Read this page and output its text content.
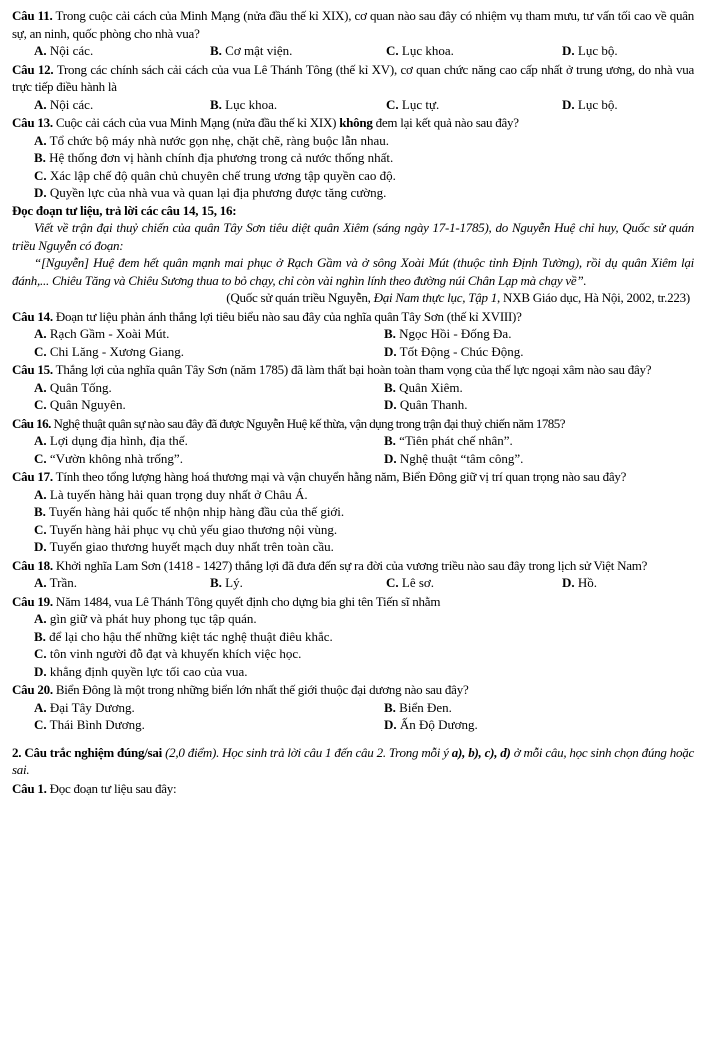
Câu 11. Trong cuộc cải cách của Minh Mạng (nửa đầu thế kỉ XIX), cơ quan nào sau đây có nhiệm vụ tham mưu, tư vấn tối cao về quân sự, an ninh, quốc phòng cho nhà vua?

A. Nội các.	B. Cơ mật viện.	C. Lục khoa.	D. Lục bộ.

Câu 12. Trong các chính sách cải cách của vua Lê Thánh Tông (thế kỉ XV), cơ quan chức năng cao cấp nhất ở trung ương, do nhà vua trực tiếp điều hành là

A. Nội các.	B. Lục khoa.	C. Lục tự.	D. Lục bộ.

Câu 13. Cuộc cải cách của vua Minh Mạng (nửa đầu thế kỉ XIX) không đem lại kết quả nào sau đây?

A. Tổ chức bộ máy nhà nước gọn nhẹ, chặt chẽ, ràng buộc lẫn nhau.
B. Hệ thống đơn vị hành chính địa phương trong cả nước thống nhất.
C. Xác lập chế độ quân chủ chuyên chế trung ương tập quyền cao độ.
D. Quyền lực của nhà vua và quan lại địa phương được tăng cường.

Đọc đoạn tư liệu, trả lời các câu 14, 15, 16:

Viết về trận đại thuỷ chiến của quân Tây Sơn tiêu diệt quân Xiêm (sáng ngày 17-1-1785), do Nguyễn Huệ chỉ huy, Quốc sử quán triều Nguyễn có đoạn:

“[Nguyễn] Huệ đem hết quân mạnh mai phục ở Rạch Gầm và ở sông Xoài Mút (thuộc tỉnh Định Tường), rồi dụ quân Xiêm lại đánh,... Chiêu Tăng và Chiêu Sương thua to bỏ chạy, chỉ còn vài nghìn lính theo đường núi Chân Lạp mà chạy về”.

(Quốc sử quán triều Nguyễn, Đại Nam thực lục, Tập 1, NXB Giáo dục, Hà Nội, 2002, tr.223)

Câu 14. Đoạn tư liệu phản ánh thắng lợi tiêu biểu nào sau đây của nghĩa quân Tây Sơn (thế kỉ XVIII)?

A. Rạch Gầm - Xoài Mút.	B. Ngọc Hồi - Đống Đa.
C. Chi Lăng - Xương Giang.	D. Tốt Động - Chúc Động.

Câu 15. Thắng lợi của nghĩa quân Tây Sơn (năm 1785) đã làm thất bại hoàn toàn tham vọng của thế lực ngoại xâm nào sau đây?

A. Quân Tống.	B. Quân Xiêm.
C. Quân Nguyên.	D. Quân Thanh.

Câu 16. Nghệ thuật quân sự nào sau đây đã được Nguyễn Huệ kế thừa, vận dụng trong trận đại thuỷ chiến năm 1785?

A. Lợi dụng địa hình, địa thế.	B. “Tiên phát chế nhân”.
C. “Vườn không nhà trống”.	D. Nghệ thuật “tâm công”.

Câu 17. Tính theo tổng lượng hàng hoá thương mại và vận chuyển hằng năm, Biển Đông giữ vị trí quan trọng nào sau đây?

A. Là tuyến hàng hải quan trọng duy nhất ở Châu Á.
B. Tuyến hàng hải quốc tế nhộn nhịp hàng đầu của thế giới.
C. Tuyến hàng hải phục vụ chủ yếu giao thương nội vùng.
D. Tuyến giao thương huyết mạch duy nhất trên toàn cầu.

Câu 18. Khởi nghĩa Lam Sơn (1418 - 1427) thắng lợi đã đưa đến sự ra đời của vương triều nào sau đây trong lịch sử Việt Nam?

A. Trần.	B. Lý.	C. Lê sơ.	D. Hồ.

Câu 19. Năm 1484, vua Lê Thánh Tông quyết định cho dựng bia ghi tên Tiến sĩ nhằm

A. gìn giữ và phát huy phong tục tập quán.
B. để lại cho hậu thế những kiệt tác nghệ thuật điêu khắc.
C. tôn vinh người đỗ đạt và khuyến khích việc học.
D. khẳng định quyền lực tối cao của vua.

Câu 20. Biển Đông là một trong những biển lớn nhất thế giới thuộc đại dương nào sau đây?

A. Đại Tây Dương.	B. Biển Đen.
C. Thái Bình Dương.	D. Ấn Độ Dương.

2. Câu trắc nghiệm đúng/sai (2,0 điểm). Học sinh trả lời câu 1 đến câu 2. Trong mỗi ý a), b), c), d) ở mỗi câu, học sinh chọn đúng hoặc sai.

Câu 1. Đọc đoạn tư liệu sau đây:
